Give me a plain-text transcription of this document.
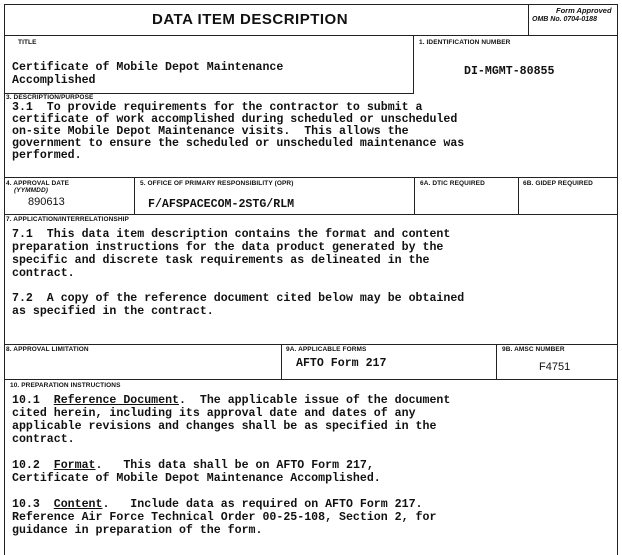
DATA ITEM DESCRIPTION
Form Approved
OMB No. 0704-0188
TITLE
Certificate of Mobile Depot Maintenance
Accomplished
1. IDENTIFICATION NUMBER
DI-MGMT-80855
3. DESCRIPTION/PURPOSE
3.1  To provide requirements for the contractor to submit a
certificate of work accomplished during scheduled or unscheduled
on-site Mobile Depot Maintenance visits.  This allows the
government to ensure the scheduled or unscheduled maintenance was
performed.
4. APPROVAL DATE
(YYMMDD)
890613
5. OFFICE OF PRIMARY RESPONSIBILITY (OPR)
F/AFSPACECOM-2STG/RLM
6A. DTIC REQUIRED	6B. GIDEP REQUIRED
7. APPLICATION/INTERRELATIONSHIP
7.1  This data item description contains the format and content
preparation instructions for the data product generated by the
specific and discrete task requirements as delineated in the
contract.
7.2  A copy of the reference document cited below may be obtained
as specified in the contract.
8. APPROVAL LIMITATION	9A. APPLICABLE FORMS
AFTO Form 217
9B. AMSC NUMBER
F4751
10. PREPARATION INSTRUCTIONS
10.1 Reference Document.  The applicable issue of the document
cited herein, including its approval date and dates of any
applicable revisions and changes shall be as specified in the
contract.
10.2 Format.   This data shall be on AFTO Form 217,
Certificate of Mobile Depot Maintenance Accomplished.
10.3 Content.   Include data as required on AFTO Form 217.
Reference Air Force Technical Order 00-25-108, Section 2, for
guidance in preparation of the form.
